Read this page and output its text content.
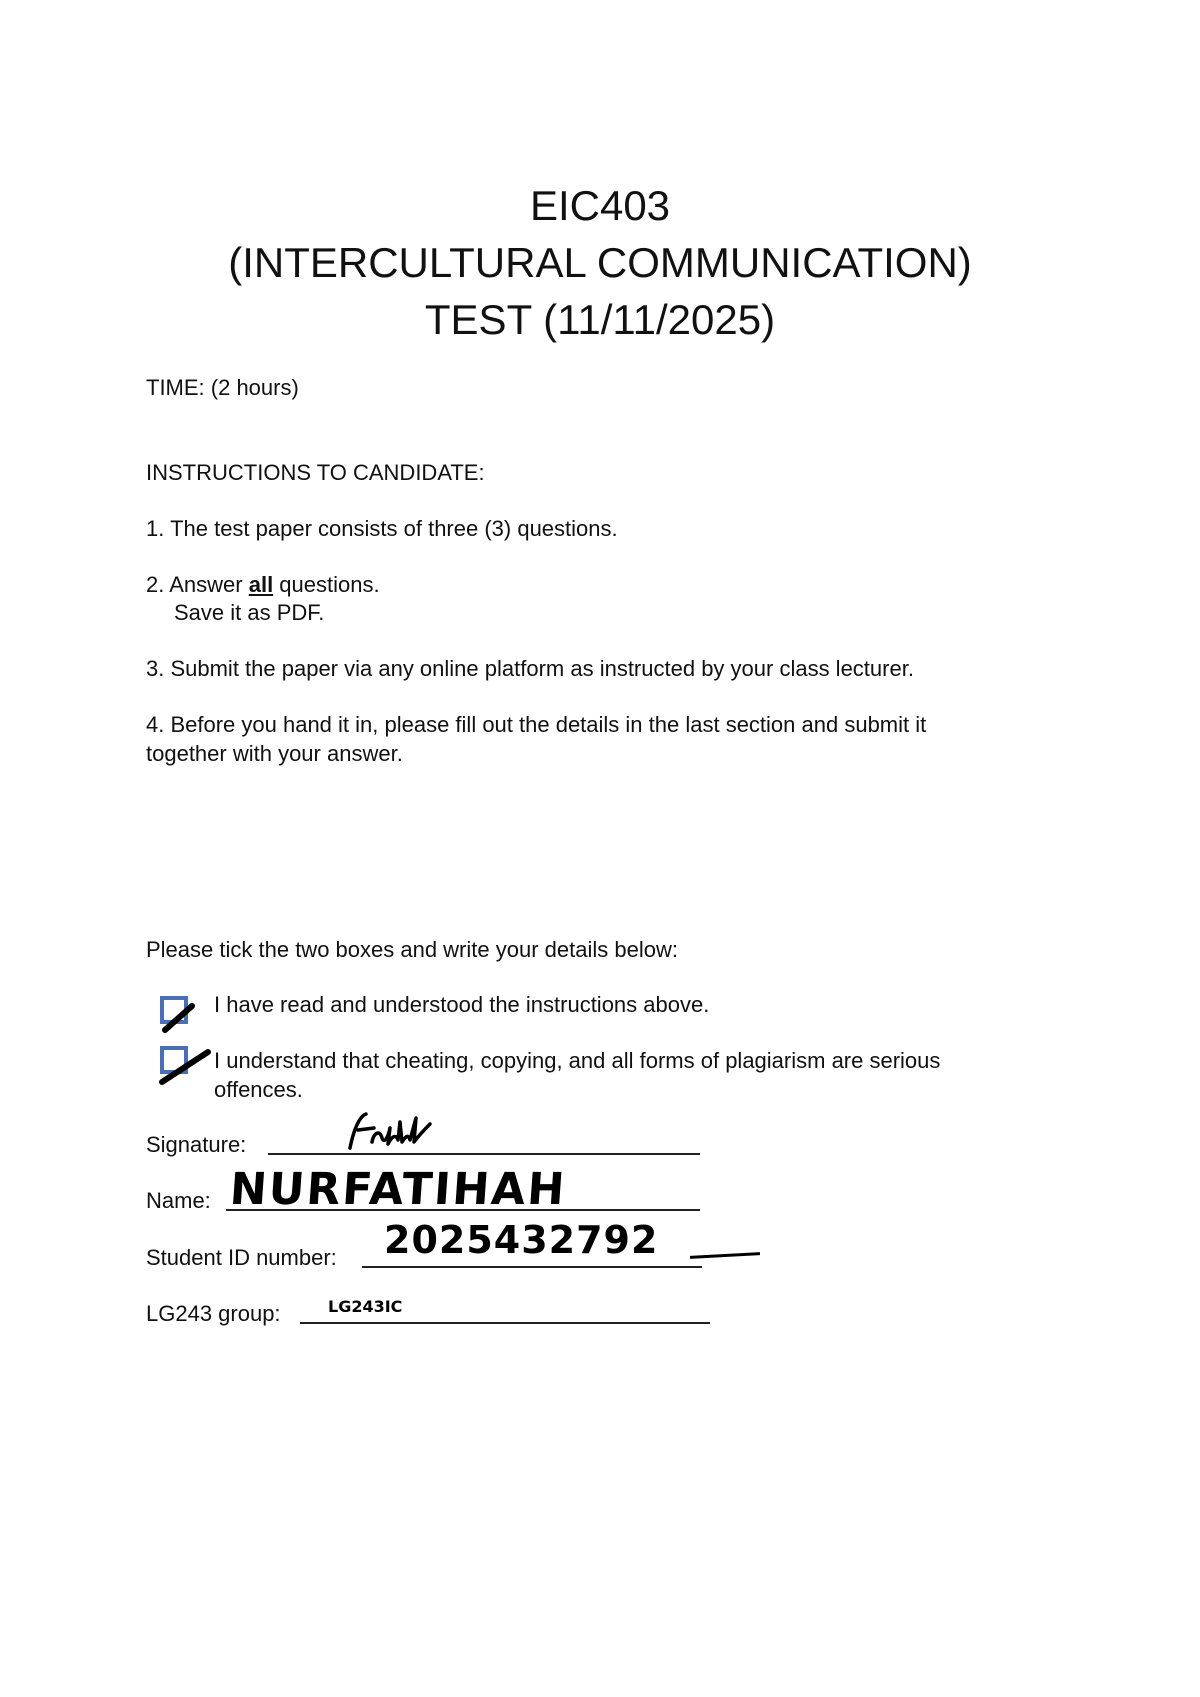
EIC403
(INTERCULTURAL COMMUNICATION)
TEST (11/11/2025)
TIME: (2 hours)
INSTRUCTIONS TO CANDIDATE:
1. The test paper consists of three (3) questions.
2. Answer all questions.
Save it as PDF.
3. Submit the paper via any online platform as instructed by your class lecturer.
4. Before you hand it in, please fill out the details in the last section and submit it
together with your answer.
Please tick the two boxes and write your details below:
I have read and understood the instructions above.
I understand that cheating, copying, and all forms of plagiarism are serious
offences.
Signature:
Name: NURFATIHAH
Student ID number: 2025432792
LG243 group:	LG243IC
